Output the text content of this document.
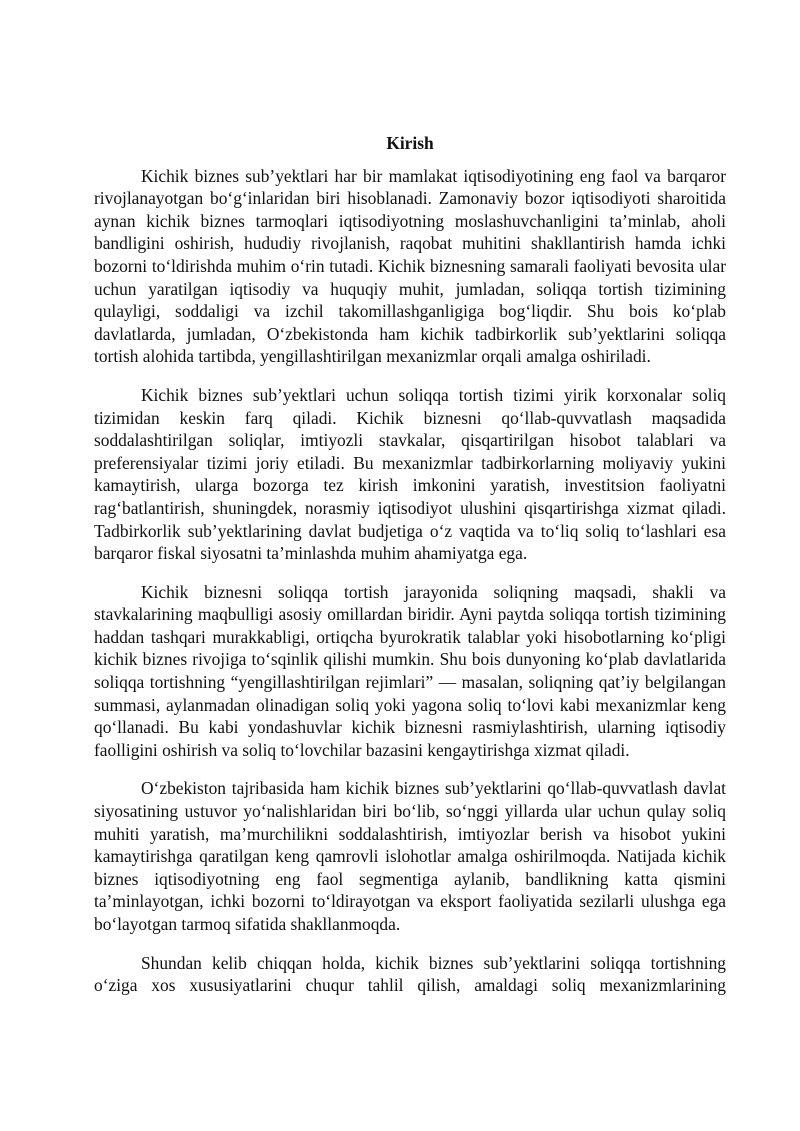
Kirish

Kichik biznes sub’yektlari har bir mamlakat iqtisodiyotining eng faol va barqaror rivojlanayotgan bo‘g‘inlaridan biri hisoblanadi. Zamonaviy bozor iqtisodiyoti sharoitida aynan kichik biznes tarmoqlari iqtisodiyotning moslashuvchanligini ta’minlab, aholi bandligini oshirish, hududiy rivojlanish, raqobat muhitini shakllantirish hamda ichki bozorni to‘ldirishda muhim o‘rin tutadi. Kichik biznesning samarali faoliyati bevosita ular uchun yaratilgan iqtisodiy va huquqiy muhit, jumladan, soliqqa tortish tizimining qulayligi, soddaligi va izchil takomillashganligiga bog‘liqdir. Shu bois ko‘plab davlatlarda, jumladan, O‘zbekistonda ham kichik tadbirkorlik sub’yektlarini soliqqa tortish alohida tartibda, yengillashtirilgan mexanizmlar orqali amalga oshiriladi.

Kichik biznes sub’yektlari uchun soliqqa tortish tizimi yirik korxonalar soliq tizimidan keskin farq qiladi. Kichik biznesni qo‘llab-quvvatlash maqsadida soddalashtirilgan soliqlar, imtiyozli stavkalar, qisqartirilgan hisobot talablari va preferensiyalar tizimi joriy etiladi. Bu mexanizmlar tadbirkorlarning moliyaviy yukini kamaytirish, ularga bozorga tez kirish imkonini yaratish, investitsion faoliyatni rag‘batlantirish, shuningdek, norasmiy iqtisodiyot ulushini qisqartirishga xizmat qiladi. Tadbirkorlik sub’yektlarining davlat budjetiga o‘z vaqtida va to‘liq soliq to‘lashlari esa barqaror fiskal siyosatni ta’minlashda muhim ahamiyatga ega.

Kichik biznesni soliqqa tortish jarayonida soliqning maqsadi, shakli va stavkalarining maqbulligi asosiy omillardan biridir. Ayni paytda soliqqa tortish tizimining haddan tashqari murakkabligi, ortiqcha byurokratik talablar yoki hisobotlarning ko‘pligi kichik biznes rivojiga to‘sqinlik qilishi mumkin. Shu bois dunyoning ko‘plab davlatlarida soliqqa tortishning “yengillashtirilgan rejimlari” — masalan, soliqning qat’iy belgilangan summasi, aylanmadan olinadigan soliq yoki yagona soliq to‘lovi kabi mexanizmlar keng qo‘llanadi. Bu kabi yondashuvlar kichik biznesni rasmiylashtirish, ularning iqtisodiy faolligini oshirish va soliq to‘lovchilar bazasini kengaytirishga xizmat qiladi.

O‘zbekiston tajribasida ham kichik biznes sub’yektlarini qo‘llab-quvvatlash davlat siyosatining ustuvor yo‘nalishlaridan biri bo‘lib, so‘nggi yillarda ular uchun qulay soliq muhiti yaratish, ma’murchilikni soddalashtirish, imtiyozlar berish va hisobot yukini kamaytirishga qaratilgan keng qamrovli islohotlar amalga oshirilmoqda. Natijada kichik biznes iqtisodiyotning eng faol segmentiga aylanib, bandlikning katta qismini ta’minlayotgan, ichki bozorni to‘ldirayotgan va eksport faoliyatida sezilarli ulushga ega bo‘layotgan tarmoq sifatida shakllanmoqda.

Shundan kelib chiqqan holda, kichik biznes sub’yektlarini soliqqa tortishning o‘ziga xos xususiyatlarini chuqur tahlil qilish, amaldagi soliq mexanizmlarining
